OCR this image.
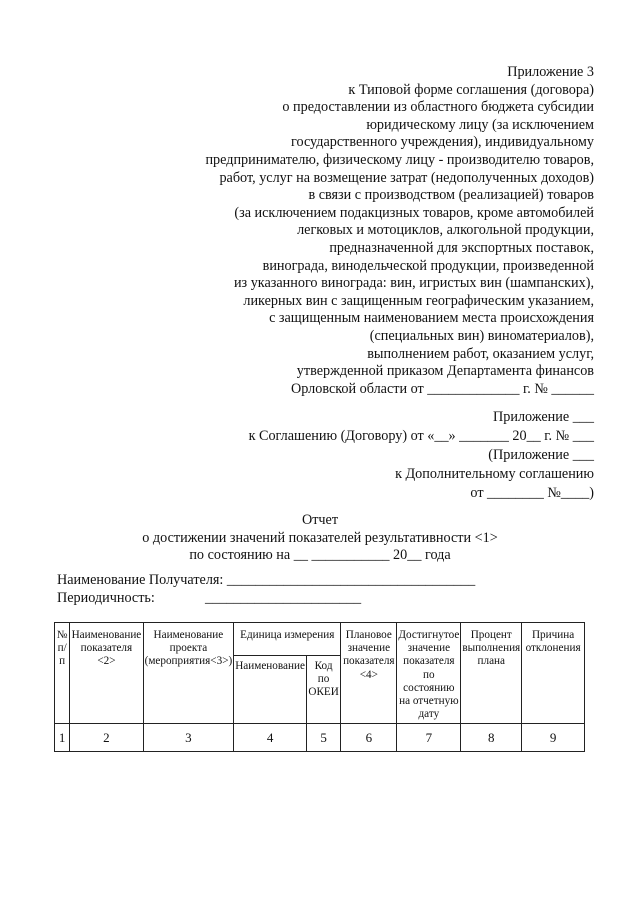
Приложение 3
к Типовой форме соглашения (договора)
о предоставлении из областного бюджета субсидии
юридическому лицу (за исключением
государственного учреждения), индивидуальному
предпринимателю, физическому лицу - производителю товаров,
работ, услуг на возмещение затрат (недополученных доходов)
в связи с производством (реализацией) товаров
(за исключением подакцизных товаров, кроме автомобилей
легковых и мотоциклов, алкогольной продукции,
предназначенной для экспортных поставок,
винограда, винодельческой продукции, произведенной
из указанного винограда: вин, игристых вин (шампанских),
ликерных вин с защищенным географическим указанием,
с защищенным наименованием места происхождения
(специальных вин) виноматериалов),
выполнением работ, оказанием услуг,
утвержденной приказом Департамента финансов
Орловской области от _____________ г. № ______
Приложение ___
к Соглашению (Договору) от «__» _______ 20__ г. № ___
(Приложение ___
к Дополнительному соглашению
от ________ №____)
Отчет
о достижении значений показателей результативности <1>
по состоянию на __ ___________ 20__ года
Наименование Получателя: ___________________________________
Периодичность:	______________________
№ п/п	Наименование показателя <2>	Наименование проекта (мероприятия<3>)	Единица измерения		Плановое значение показателя <4>	Достигнутое значение показателя по состоянию на отчетную дату	Процент выполнения плана	Причина отклонения
			Наименование	Код по ОКЕИ				
1	2	3	4	5	6	7	8	9
